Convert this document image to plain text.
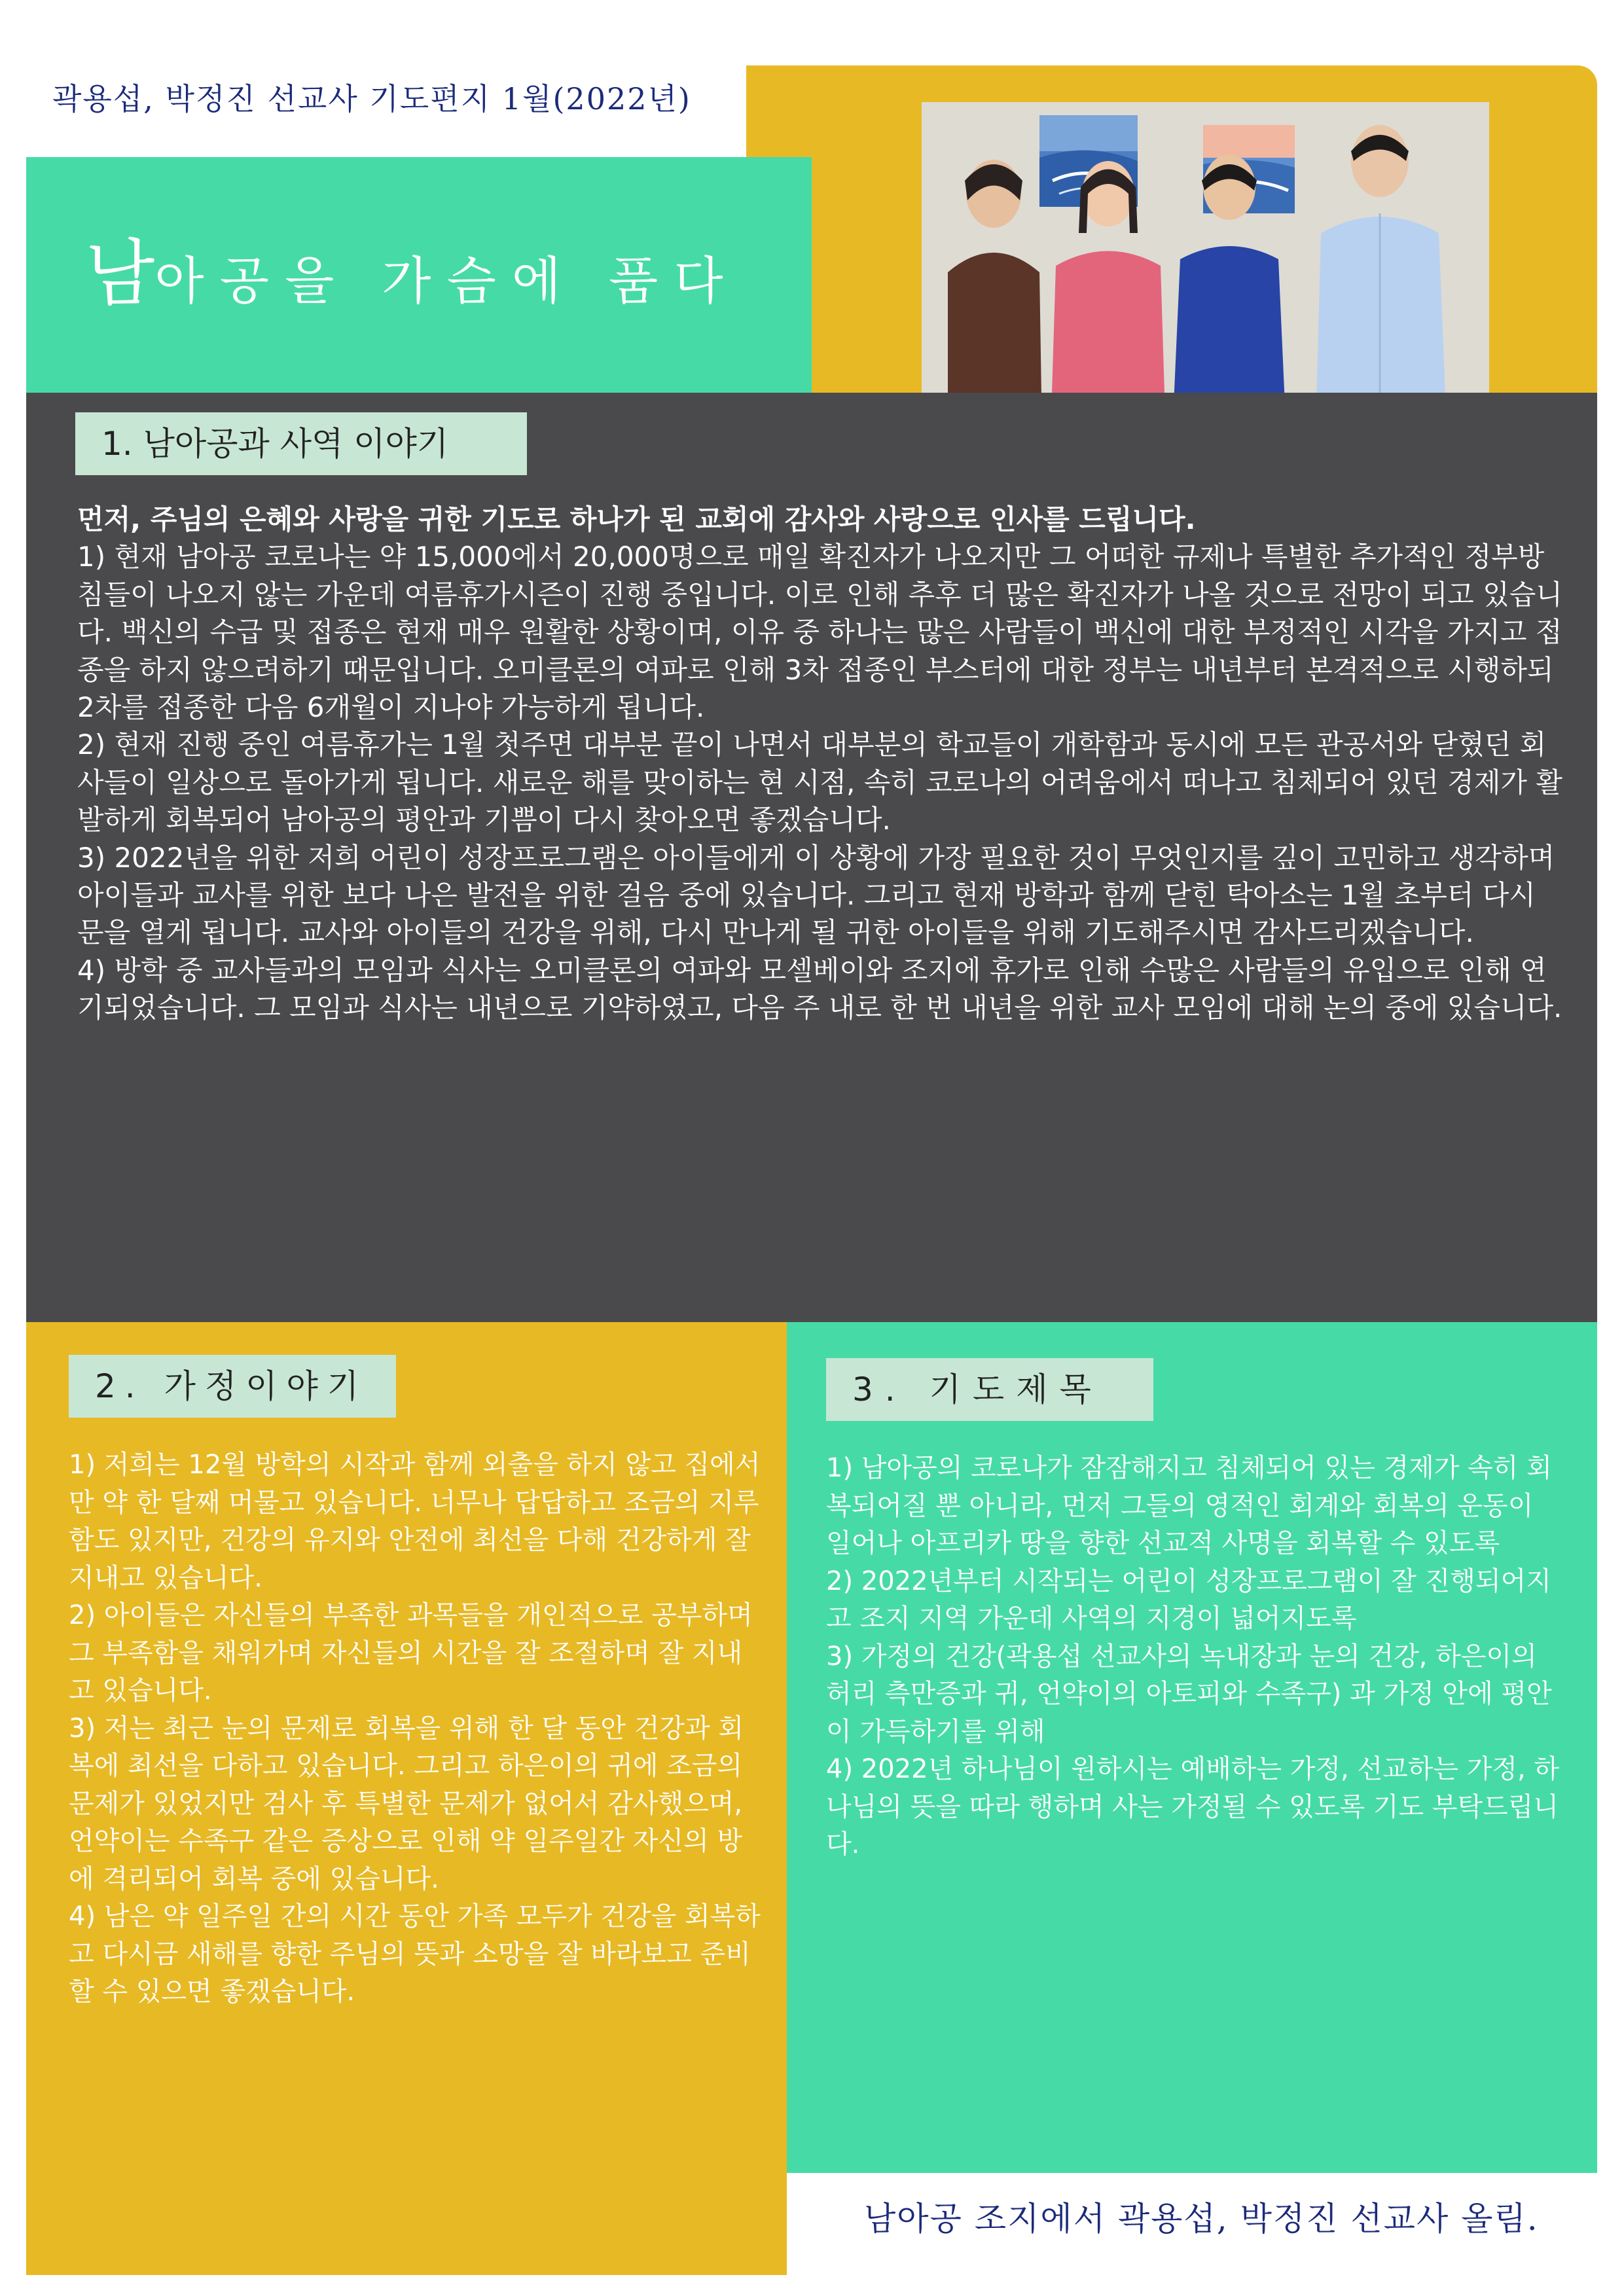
곽용섭, 박정진 선교사 기도편지 1월(2022년)
남아공을 가슴에 품다
1. 남아공과 사역 이야기

먼저, 주님의 은혜와 사랑을 귀한 기도로 하나가 된 교회에 감사와 사랑으로 인사를 드립니다.

1) 현재 남아공 코로나는 약 15,000에서 20,000명으로 매일 확진자가 나오지만 그 어떠한 규제나 특별한 추가적인 정부방침들이 나오지 않는 가운데 여름휴가시즌이 진행 중입니다. 이로 인해 추후 더 많은 확진자가 나올 것으로 전망이 되고 있습니다. 백신의 수급 및 접종은 현재 매우 원활한 상황이며, 이유 중 하나는 많은 사람들이 백신에 대한 부정적인 시각을 가지고 접종을 하지 않으려하기 때문입니다. 오미클론의 여파로 인해 3차 접종인 부스터에 대한 정부는 내년부터 본격적으로 시행하되 2차를 접종한 다음 6개월이 지나야 가능하게 됩니다.

2) 현재 진행 중인 여름휴가는 1월 첫주면 대부분 끝이 나면서 대부분의 학교들이 개학함과 동시에 모든 관공서와 닫혔던 회사들이 일상으로 돌아가게 됩니다. 새로운 해를 맞이하는 현 시점, 속히 코로나의 어려움에서 떠나고 침체되어 있던 경제가 활발하게 회복되어 남아공의 평안과 기쁨이 다시 찾아오면 좋겠습니다.

3) 2022년을 위한 저희 어린이 성장프로그램은 아이들에게 이 상황에 가장 필요한 것이 무엇인지를 깊이 고민하고 생각하며 아이들과 교사를 위한 보다 나은 발전을 위한 걸음 중에 있습니다. 그리고 현재 방학과 함께 닫힌 탁아소는 1월 초부터 다시 문을 열게 됩니다. 교사와 아이들의 건강을 위해, 다시 만나게 될 귀한 아이들을 위해 기도해주시면 감사드리겠습니다.

4) 방학 중 교사들과의 모임과 식사는 오미클론의 여파와 모셀베이와 조지에 휴가로 인해 수많은 사람들의 유입으로 인해 연기되었습니다. 그 모임과 식사는 내년으로 기약하였고, 다음 주 내로 한 번 내년을 위한 교사 모임에 대해 논의 중에 있습니다.

2. 가정이야기

1) 저희는 12월 방학의 시작과 함께 외출을 하지 않고 집에서만 약 한 달째 머물고 있습니다. 너무나 답답하고 조금의 지루함도 있지만, 건강의 유지와 안전에 최선을 다해 건강하게 잘 지내고 있습니다.

2) 아이들은 자신들의 부족한 과목들을 개인적으로 공부하며 그 부족함을 채워가며 자신들의 시간을 잘 조절하며 잘 지내고 있습니다.

3) 저는 최근 눈의 문제로 회복을 위해 한 달 동안 건강과 회복에 최선을 다하고 있습니다. 그리고 하은이의 귀에 조금의 문제가 있었지만 검사 후 특별한 문제가 없어서 감사했으며, 언약이는 수족구 같은 증상으로 인해 약 일주일간 자신의 방에 격리되어 회복 중에 있습니다.

4) 남은 약 일주일 간의 시간 동안 가족 모두가 건강을 회복하고 다시금 새해를 향한 주님의 뜻과 소망을 잘 바라보고 준비할 수 있으면 좋겠습니다.

3. 기도제목

1) 남아공의 코로나가 잠잠해지고 침체되어 있는 경제가 속히 회복되어질 뿐 아니라, 먼저 그들의 영적인 회계와 회복의 운동이 일어나 아프리카 땅을 향한 선교적 사명을 회복할 수 있도록

2) 2022년부터 시작되는 어린이 성장프로그램이 잘 진행되어지고 조지 지역 가운데 사역의 지경이 넓어지도록

3) 가정의 건강(곽용섭 선교사의 녹내장과 눈의 건강, 하은이의 허리 측만증과 귀, 언약이의 아토피와 수족구) 과 가정 안에 평안이 가득하기를 위해

4) 2022년 하나님이 원하시는 예배하는 가정, 선교하는 가정, 하나님의 뜻을 따라 행하며 사는 가정될 수 있도록 기도 부탁드립니다.

남아공 조지에서 곽용섭, 박정진 선교사 올림.
